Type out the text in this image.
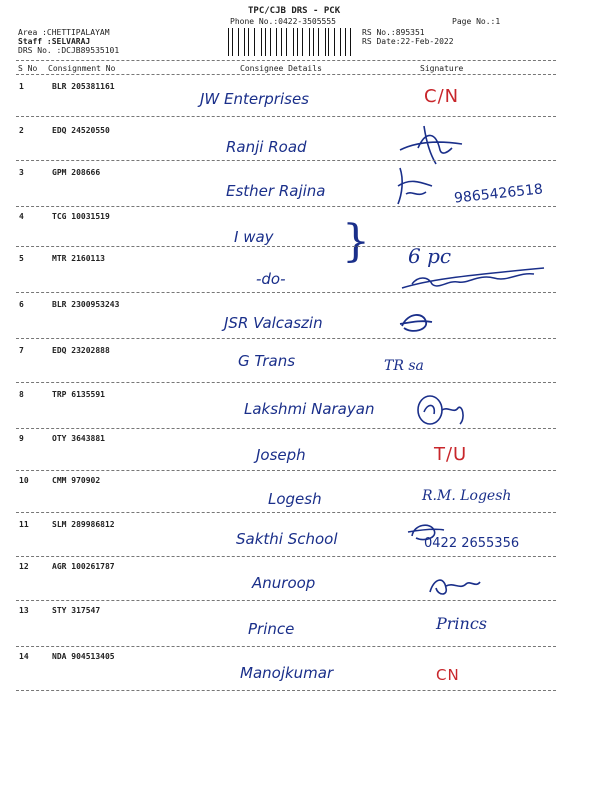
TPC/CJB DRS - PCK
Phone No.:0422-3505555	Page No.:1
Area :CHETTIPALAYAM
Staff :SELVARAJ
DRS No. :DCJB89535101
RS No.:895351
RS Date:22-Feb-2022
S No Consignment No	Consignee Details	Signature
1	BLR 205381161
JW Enterprises	C/N
2	EDQ 24520550
Ranji Road
3	GPM 208666
Esther Rajina	9865426518
4	TCG 10031519
I way } 6 pc
5	MTR 2160113
-do-
6	BLR 2300953243
JSR Valcaszin
7	EDQ 23202888
G Trans	TR sa
8	TRP 6135591
Lakshmi Narayan
9	OTY 3643881
Joseph	T/U
10	CMM 970902
Logesh	R.M. Logesh
11	SLM 289986812
Sakthi School	0422 2655356
12	AGR 100261787
Anuroop
13	STY 317547
Prince	Princs
14	NDA 904513405
Manojkumar	CN
